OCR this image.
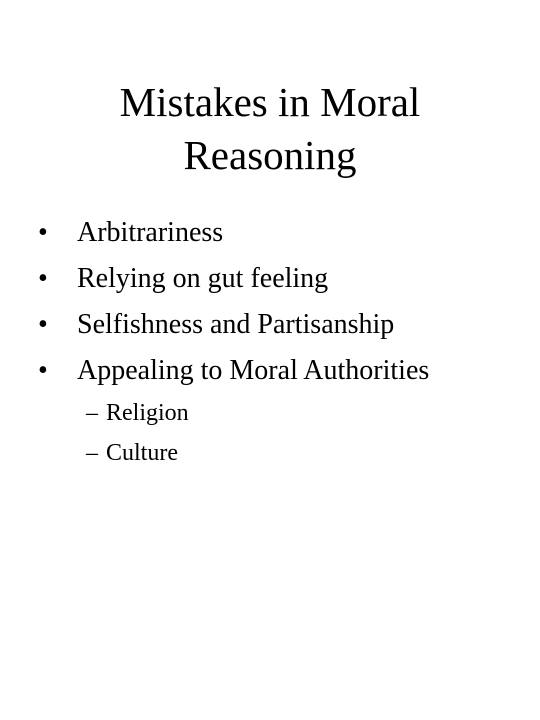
Mistakes in Moral
Reasoning
• Arbitrariness
• Relying on gut feeling
• Selfishness and Partisanship
• Appealing to Moral Authorities
– Religion
– Culture
